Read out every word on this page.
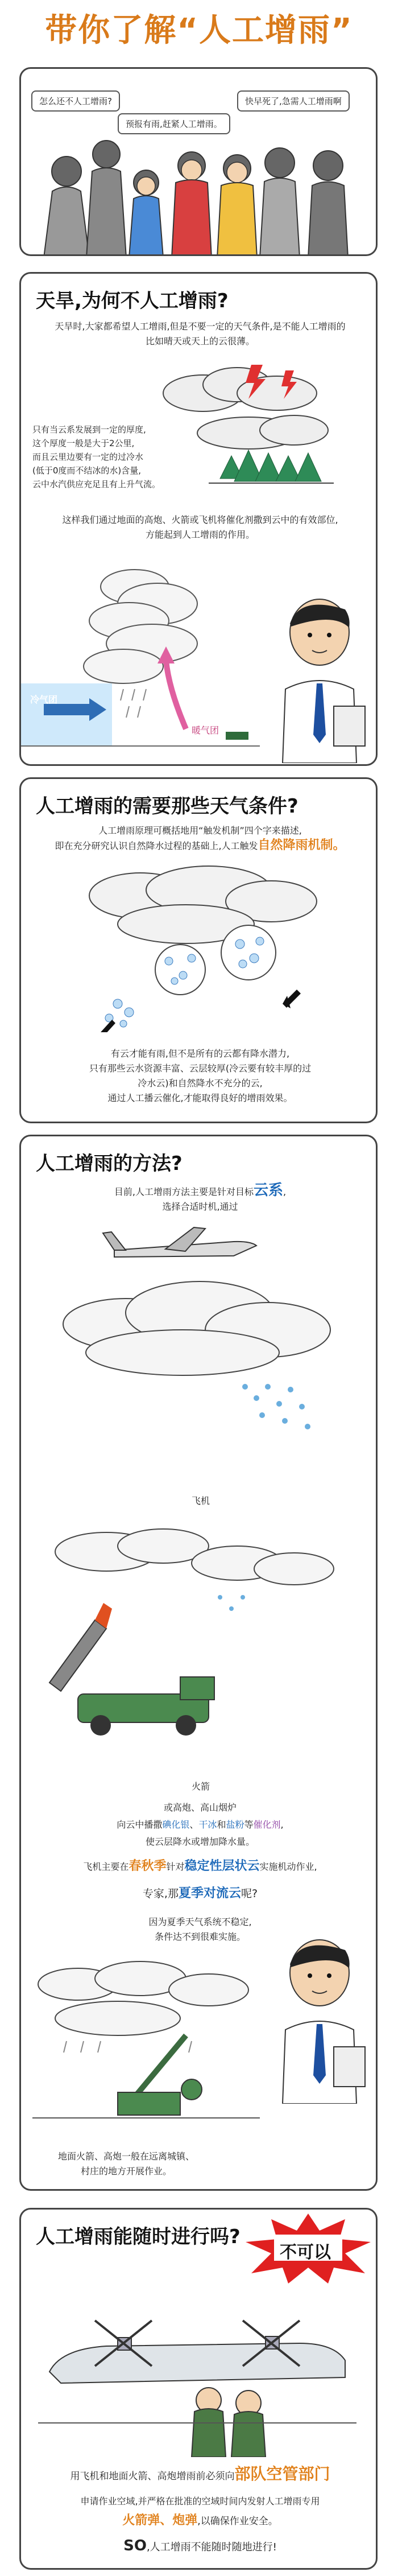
带你了解“人工增雨”
怎么还不人工增雨?	快早死了,急需人工增雨啊
预报有雨,赶紧人工增雨。
天旱,为何不人工增雨?
天旱时,大家都希望人工增雨,但是不要一定的天气条件,是不能人工增雨的
比如晴天或天上的云很薄。
只有当云系发展到一定的厚度,
这个厚度一般是大于2公里,
而且云里边要有一定的过冷水
(低于0度而不结冰的水)含量,
云中水汽供应充足且有上升气流。
这样我们通过地面的高炮、火箭或飞机将催化剂撒到云中的有效部位,
方能起到人工增雨的作用。
暖气团
冷气团
人工增雨的需要那些天气条件?
人工增雨原理可概括地用“触发机制”四个字来描述,
即在充分研究认识自然降水过程的基础上,人工触发自然降雨机制。
有云才能有雨,但不是所有的云都有降水潜力,
只有那些云水资源丰富、云层较厚(冷云要有较丰厚的过
冷水云)和自然降水不充分的云,
通过人工播云催化,才能取得良好的增雨效果。
人工增雨的方法?
目前,人工增雨方法主要是针对目标云系,
选择合适时机,通过
飞机
火箭
或高炮、高山烟炉
向云中播撒碘化银、干冰和盐粉等催化剂,
使云层降水或增加降水量。
飞机主要在春秋季针对稳定性层状云实施机动作业,
专家,那夏季对流云呢?
因为夏季天气系统不稳定,
条件达不到很难实施。
地面火箭、高炮一般在远离城镇、
村庄的地方开展作业。
人工增雨能随时进行吗?
不可以
用飞机和地面火箭、高炮增雨前必须向部队空管部门
申请作业空域,并严格在批准的空域时间内发射人工增雨专用
火箭弹、炮弹,以确保作业安全。
SO,人工增雨不能随时随地进行!
